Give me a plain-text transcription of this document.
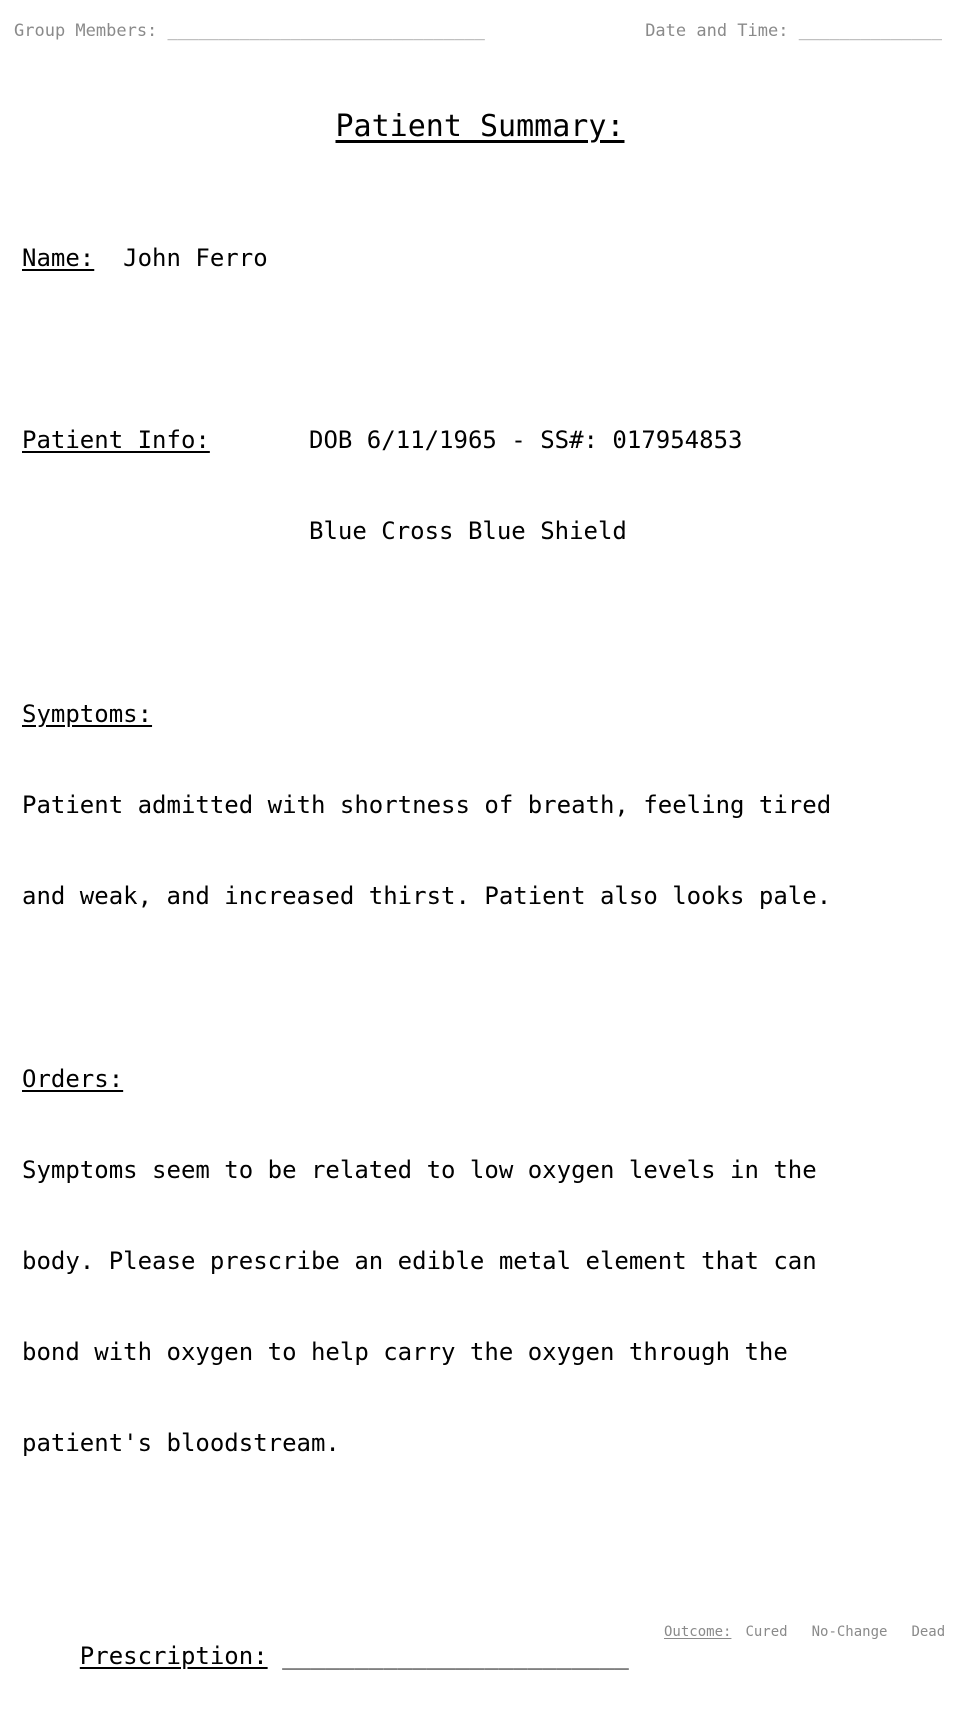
Group Members: _______________________________

	Date and Time: ______________

Patient Summary:

Name: John Ferro

Patient Info:	DOB 6/11/1965 - SS#: 017954853

Blue Cross Blue Shield

Symptoms:

Patient admitted with shortness of breath, feeling tired

and weak, and increased thirst. Patient also looks pale.

Orders:

Symptoms seem to be related to low oxygen levels in the

body. Please prescribe an edible metal element that can

bond with oxygen to help carry the oxygen through the

patient's bloodstream.

Prescription: ________________________

Outcome: Cured No-Change Dead
